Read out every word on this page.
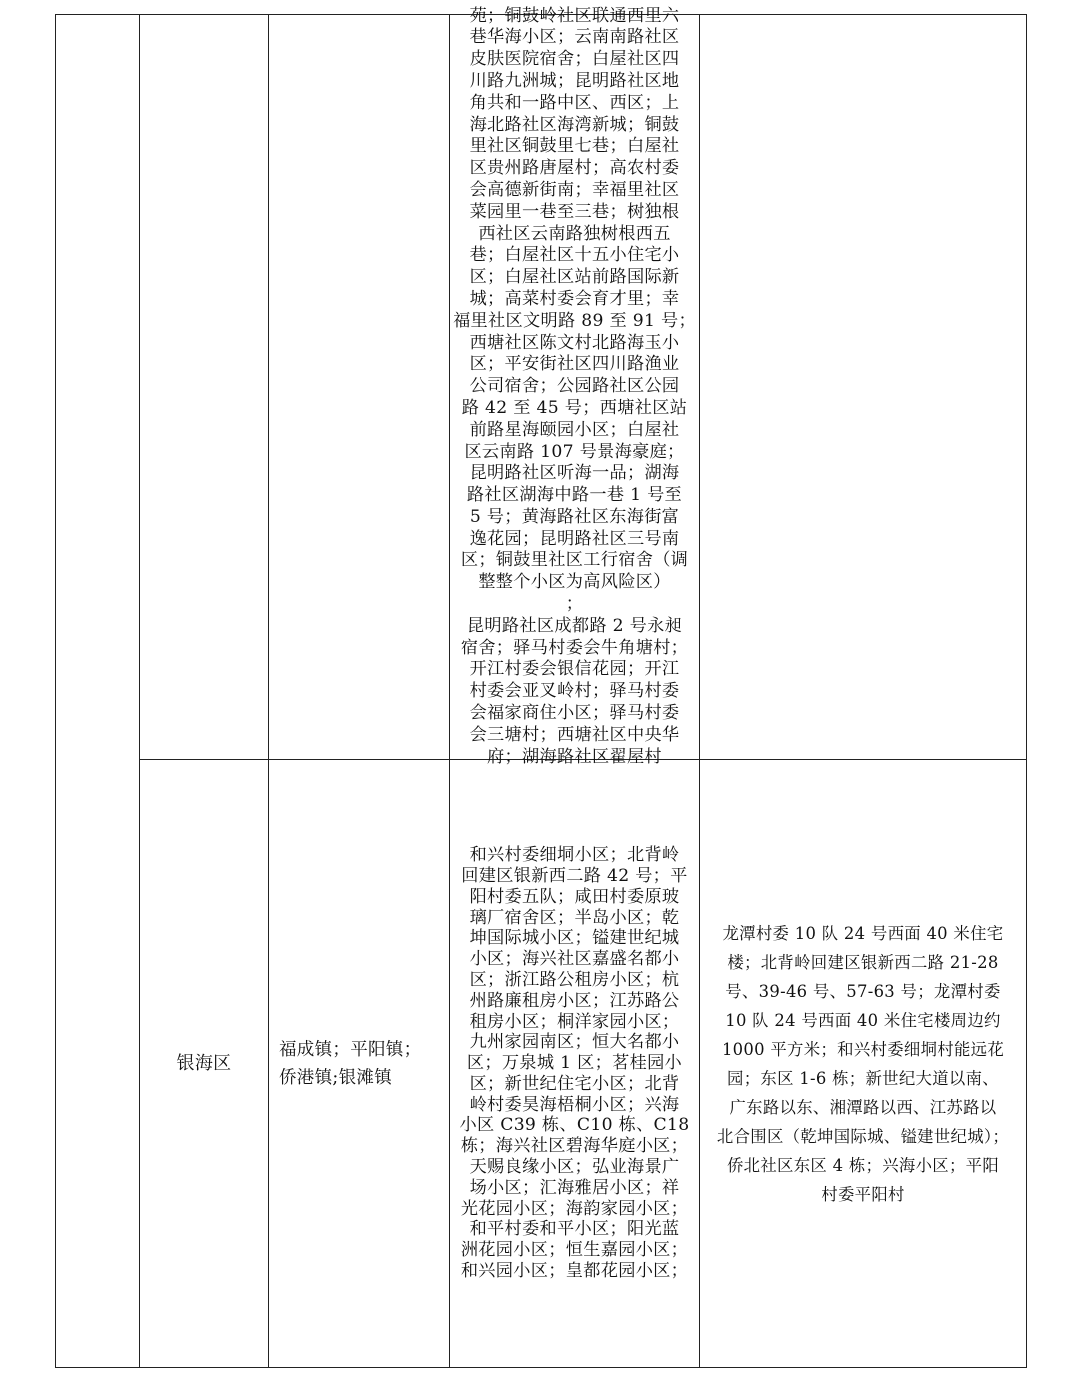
苑；铜鼓岭社区联通西里六
巷华海小区；云南南路社区
皮肤医院宿舍；白屋社区四
川路九洲城；昆明路社区地
角共和一路中区、西区；上
海北路社区海湾新城；铜鼓
里社区铜鼓里七巷；白屋社
区贵州路唐屋村；高农村委
会高德新街南；幸福里社区
菜园里一巷至三巷；树独根
西社区云南路独树根西五
巷；白屋社区十五小住宅小
区；白屋社区站前路国际新
城；高菜村委会育才里；幸
福里社区文明路 89 至 91 号；
西塘社区陈文村北路海玉小
区；平安街社区四川路渔业
公司宿舍；公园路社区公园
路 42 至 45 号；西塘社区站
前路星海颐园小区；白屋社
区云南路 107 号景海豪庭；
昆明路社区听海一品；湖海
路社区湖海中路一巷 1 号至
5 号；黄海路社区东海街富
逸花园；昆明路社区三号南
区；铜鼓里社区工行宿舍（调
整整个小区为高风险区）
；
昆明路社区成都路 2 号永昶
宿舍；驿马村委会牛角塘村；
开江村委会银信花园；开江
村委会亚叉岭村；驿马村委
会福家商住小区；驿马村委
会三塘村；西塘社区中央华
府；湖海路社区翟屋村
银海区
福成镇；平阳镇；
侨港镇;银滩镇
和兴村委细垌小区；北背岭
回建区银新西二路 42 号；平
阳村委五队；咸田村委原玻
璃厂宿舍区；半岛小区；乾
坤国际城小区；镒建世纪城
小区；海兴社区嘉盛名都小
区；浙江路公租房小区；杭
州路廉租房小区；江苏路公
租房小区；桐洋家园小区；
九州家园南区；恒大名都小
区；万泉城 1 区；茗桂园小
区；新世纪住宅小区；北背
岭村委昊海梧桐小区；兴海
小区 C39 栋、C10 栋、C18
栋；海兴社区碧海华庭小区；
天赐良缘小区；弘业海景广
场小区；汇海雅居小区；祥
光花园小区；海韵家园小区；
和平村委和平小区；阳光蓝
洲花园小区；恒生嘉园小区；
和兴园小区；皇都花园小区；
龙潭村委 10 队 24 号西面 40 米住宅
楼；北背岭回建区银新西二路 21-28
号、39-46 号、57-63 号；龙潭村委
10 队 24 号西面 40 米住宅楼周边约
1000 平方米；和兴村委细垌村能远花
园；东区 1-6 栋；新世纪大道以南、
广东路以东、湘潭路以西、江苏路以
北合围区（乾坤国际城、镒建世纪城）；
侨北社区东区 4 栋；兴海小区；平阳
村委平阳村
